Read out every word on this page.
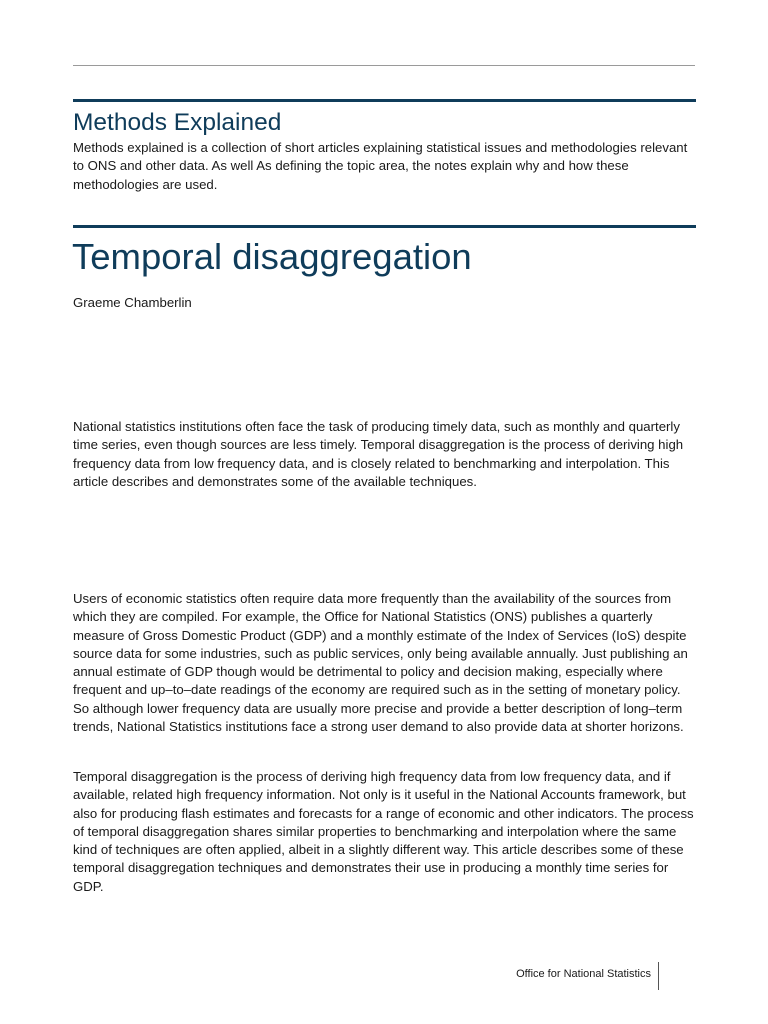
Methods Explained

Methods explained is a collection of short articles explaining statistical issues and methodologies relevant to ONS and other data. As well As defining the topic area, the notes explain why and how these methodologies are used.

Temporal disaggregation

Graeme Chamberlin

National statistics institutions often face the task of producing timely data, such as monthly and quarterly time series, even though sources are less timely. Temporal disaggregation is the process of deriving high frequency data from low frequency data, and is closely related to benchmarking and interpolation. This article describes and demonstrates some of the available techniques.

Users of economic statistics often require data more frequently than the availability of the sources from which they are compiled. For example, the Office for National Statistics (ONS) publishes a quarterly measure of Gross Domestic Product (GDP) and a monthly estimate of the Index of Services (IoS) despite source data for some industries, such as public services, only being available annually. Just publishing an annual estimate of GDP though would be detrimental to policy and decision making, especially where frequent and up–to–date readings of the economy are required such as in the setting of monetary policy. So although lower frequency data are usually more precise and provide a better description of long–term trends, National Statistics institutions face a strong user demand to also provide data at shorter horizons.

Temporal disaggregation is the process of deriving high frequency data from low frequency data, and if available, related high frequency information. Not only is it useful in the National Accounts framework, but also for producing flash estimates and forecasts for a range of economic and other indicators. The process of temporal disaggregation shares similar properties to benchmarking and interpolation where the same kind of techniques are often applied, albeit in a slightly different way. This article describes some of these temporal disaggregation techniques and demonstrates their use in producing a monthly time series for GDP.

Office for National Statistics
